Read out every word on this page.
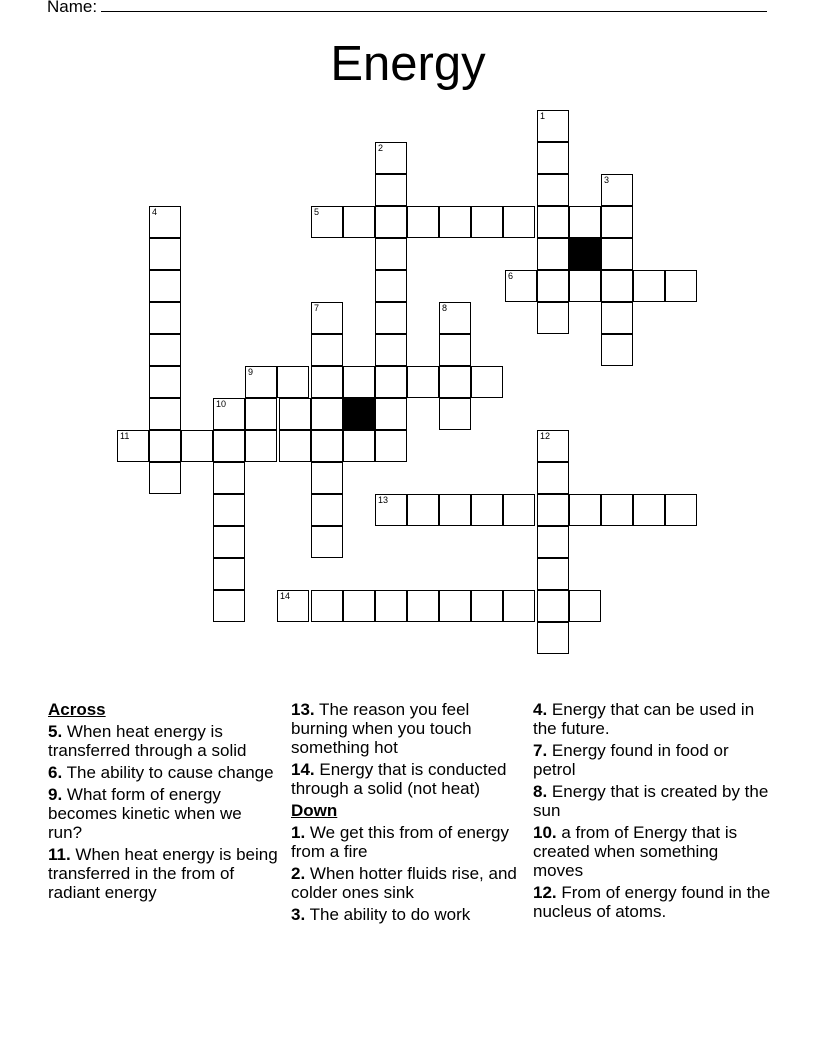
Name:
Energy
1
2
3
4	5
6
7	8
9
10
11	12
13
14
Across
5. When heat energy is transferred through a solid
6. The ability to cause change
9. What form of energy becomes kinetic when we run?
11. When heat energy is being transferred in the from of radiant energy
13. The reason you feel burning when you touch something hot
14. Energy that is conducted through a solid (not heat)
Down
1. We get this from of energy from a fire
2. When hotter fluids rise, and colder ones sink
3. The ability to do work
4. Energy that can be used in the future.
7. Energy found in food or petrol
8. Energy that is created by the sun
10. a from of Energy that is created when something moves
12. From of energy found in the nucleus of atoms.
